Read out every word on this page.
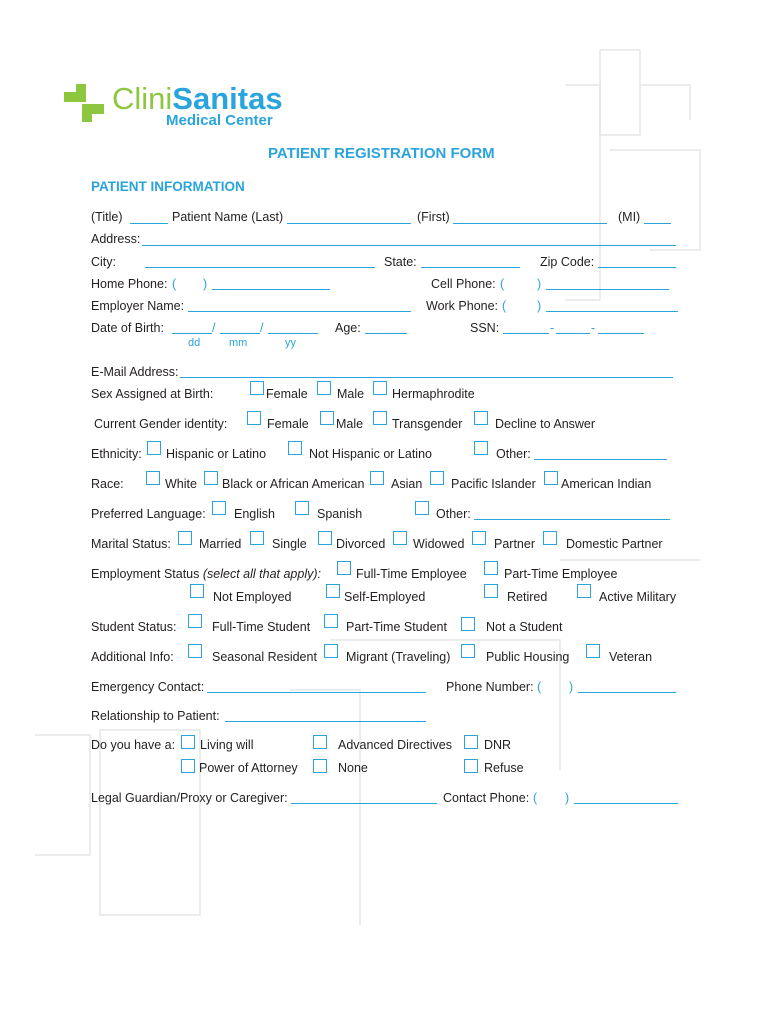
CliniSanitas
Medical Center
PATIENT REGISTRATION FORM
PATIENT INFORMATION
(Title)	Patient Name (Last)	(First)	(MI)
Address:
City:	State:	Zip Code:
Home Phone: ( )	Cell Phone: (	)
Employer Name:	Work Phone: ( )
Date of Birth:	/	/
dd	mm	yy
Age:	SSN:	-	-
E-Mail Address:
Sex Assigned at Birth:	Female Male Hermaphrodite
Current Gender identity:	Female Male Transgender	Decline to Answer
Ethnicity: Hispanic or Latino	Not Hispanic or Latino	Other:
Race:	White Black or African American Asian Pacific Islander American Indian
Preferred Language: English	Spanish	Other:
Marital Status: Married Single Divorced Widowed Partner Domestic Partner
Employment Status (select all that apply):	Full-Time Employee	Part-Time Employee
Not Employed	Self-Employed	Retired	Active Military
Student Status:	Full-Time Student	Part-Time Student	Not a Student
Additional Info:	Seasonal Resident Migrant (Traveling)	Public Housing	Veteran
Emergency Contact:	Phone Number: ( )
Relationship to Patient:
Do you have a: Living will	Advanced Directives	DNR
Power of Attorney	None	Refuse
Legal Guardian/Proxy or Caregiver:	Contact Phone: ( )
